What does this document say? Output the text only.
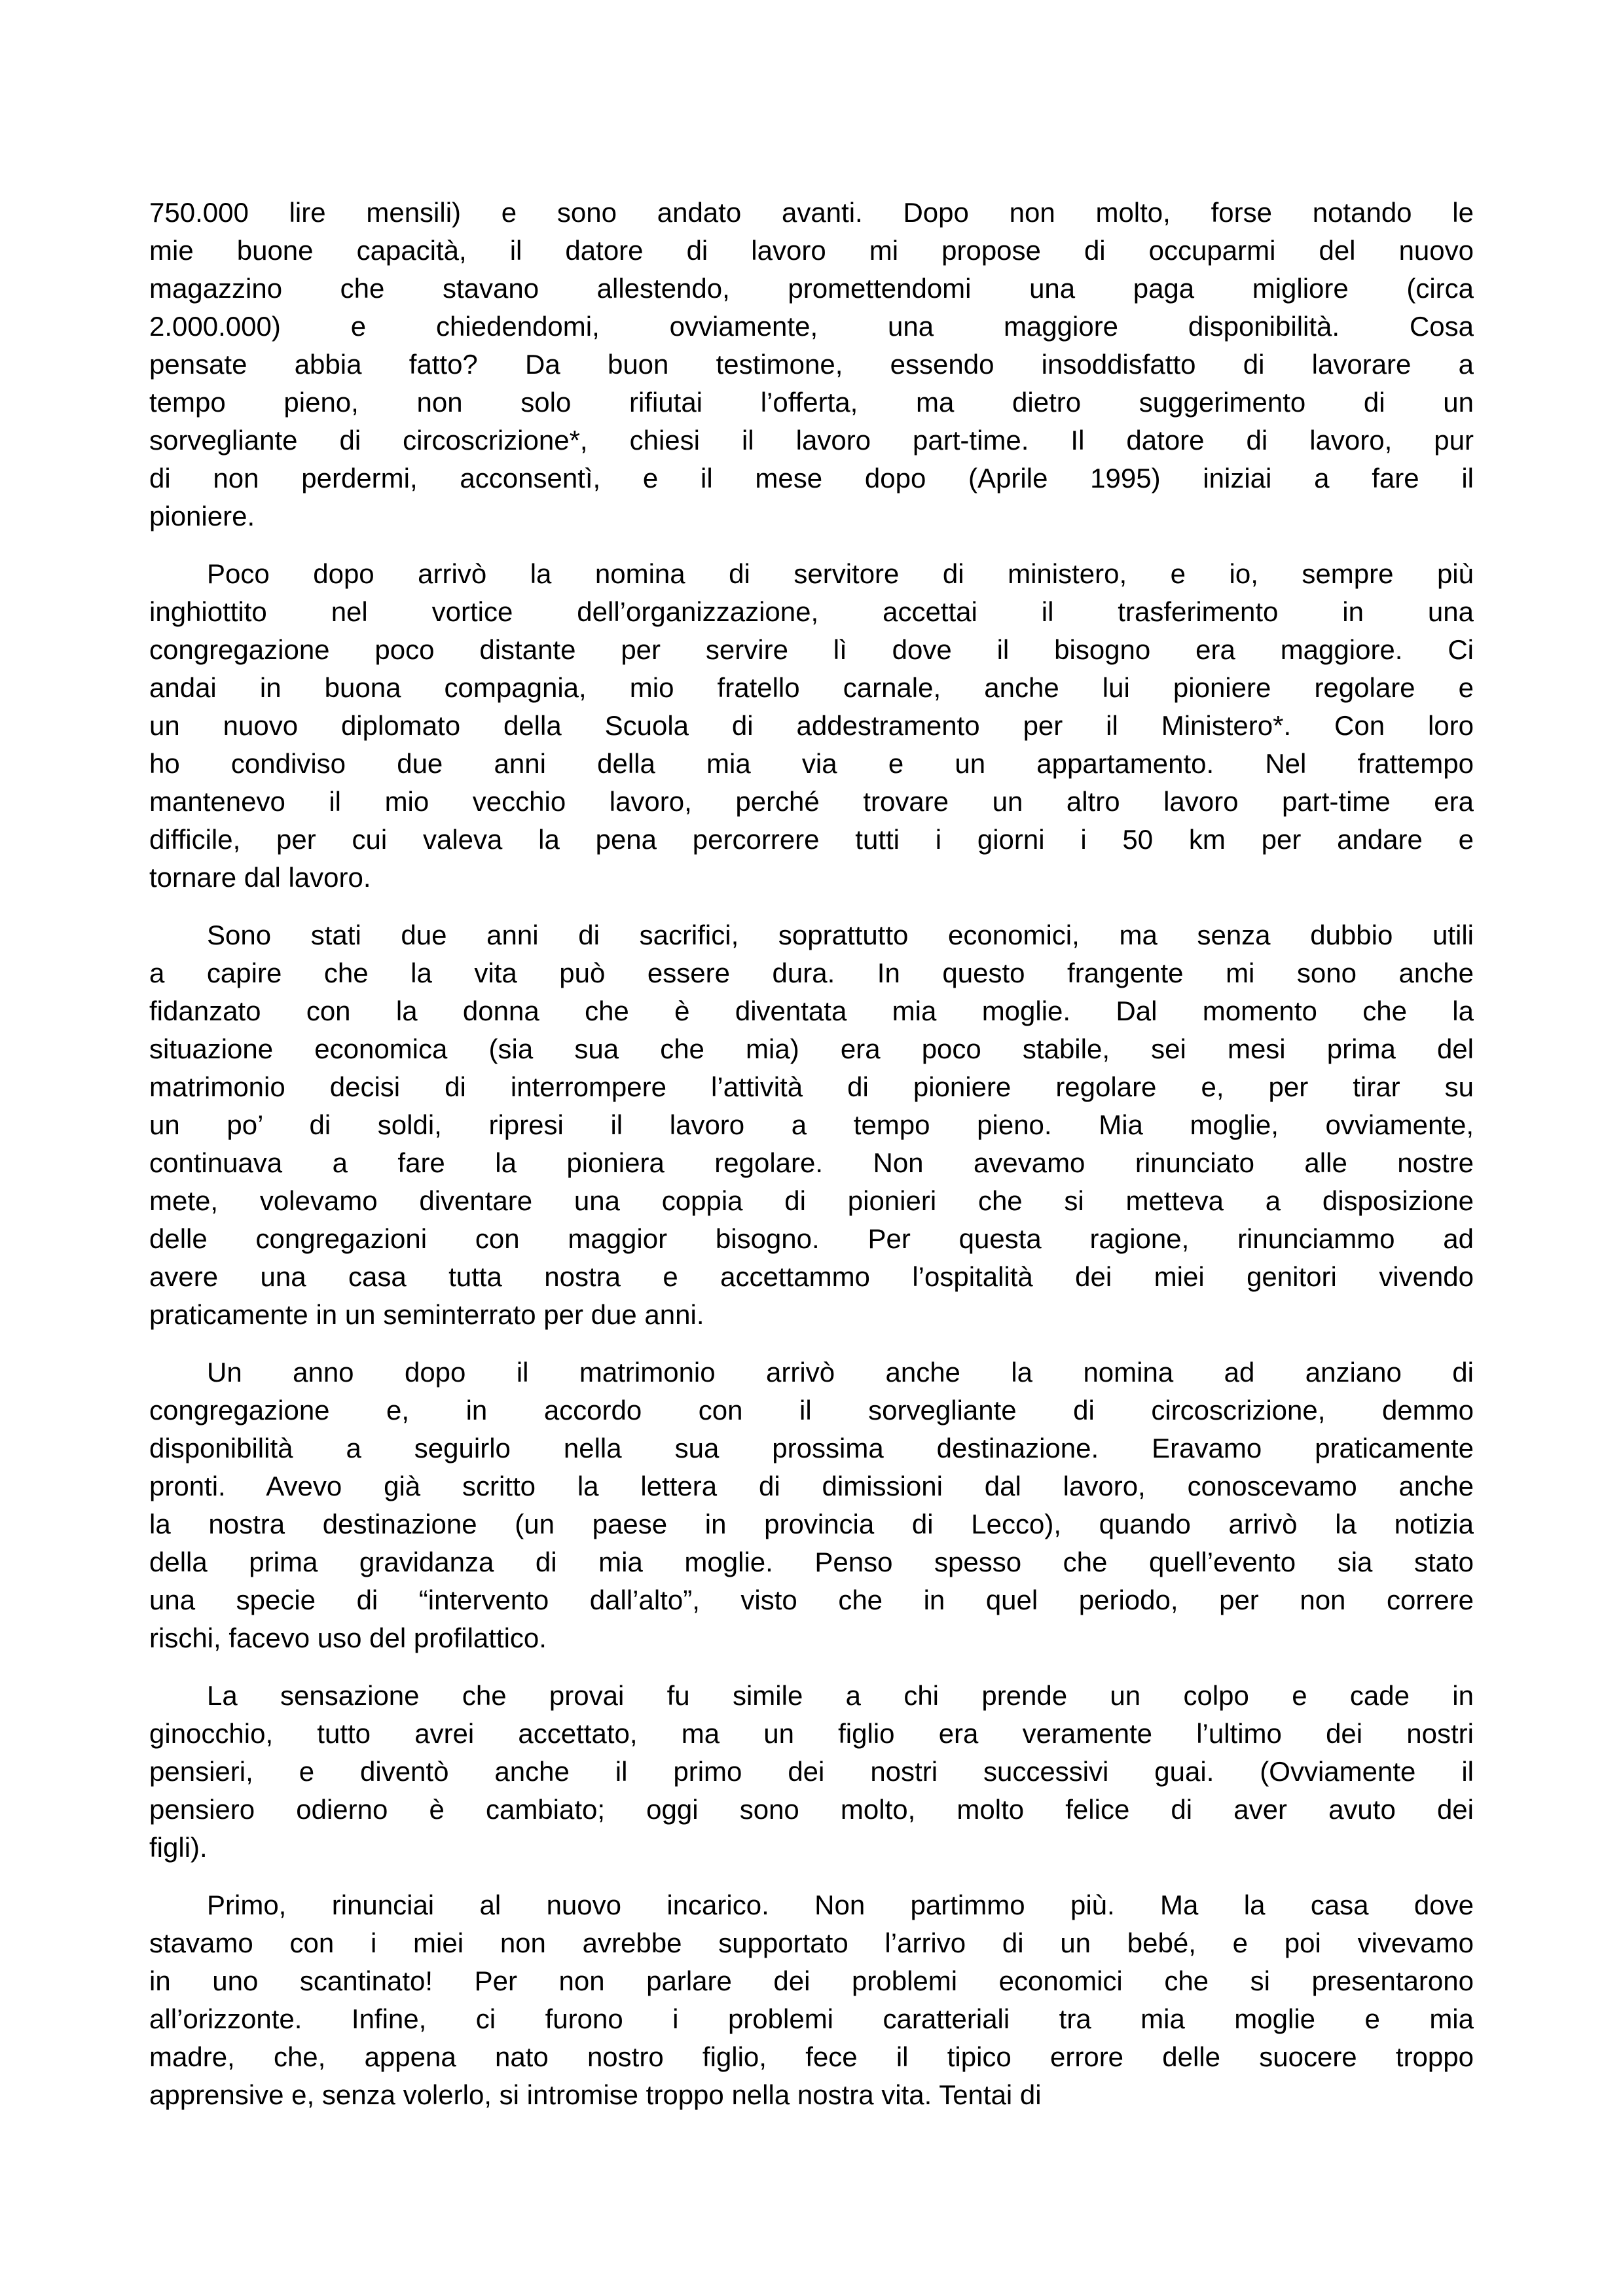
750.000 lire mensili) e sono andato avanti. Dopo non molto, forse notando le
mie buone capacità, il datore di lavoro mi propose di occuparmi del nuovo
magazzino che stavano allestendo, promettendomi una paga migliore (circa
2.000.000) e chiedendomi, ovviamente, una maggiore disponibilità. Cosa
pensate abbia fatto? Da buon testimone, essendo insoddisfatto di lavorare a
tempo pieno, non solo rifiutai l’offerta, ma dietro suggerimento di un
sorvegliante di circoscrizione*, chiesi il lavoro part-time. Il datore di lavoro, pur
di non perdermi, acconsentì, e il mese dopo (Aprile 1995) iniziai a fare il
pioniere.
Poco dopo arrivò la nomina di servitore di ministero, e io, sempre più
inghiottito nel vortice dell’organizzazione, accettai il trasferimento in una
congregazione poco distante per servire lì dove il bisogno era maggiore. Ci
andai in buona compagnia, mio fratello carnale, anche lui pioniere regolare e
un nuovo diplomato della Scuola di addestramento per il Ministero*. Con loro
ho condiviso due anni della mia via e un appartamento. Nel frattempo
mantenevo il mio vecchio lavoro, perché trovare un altro lavoro part-time era
difficile, per cui valeva la pena percorrere tutti i giorni i 50 km per andare e
tornare dal lavoro.
Sono stati due anni di sacrifici, soprattutto economici, ma senza dubbio utili
a capire che la vita può essere dura. In questo frangente mi sono anche
fidanzato con la donna che è diventata mia moglie. Dal momento che la
situazione economica (sia sua che mia) era poco stabile, sei mesi prima del
matrimonio decisi di interrompere l’attività di pioniere regolare e, per tirar su
un po’ di soldi, ripresi il lavoro a tempo pieno. Mia moglie, ovviamente,
continuava a fare la pioniera regolare. Non avevamo rinunciato alle nostre
mete, volevamo diventare una coppia di pionieri che si metteva a disposizione
delle congregazioni con maggior bisogno. Per questa ragione, rinunciammo ad
avere una casa tutta nostra e accettammo l’ospitalità dei miei genitori vivendo
praticamente in un seminterrato per due anni.
Un anno dopo il matrimonio arrivò anche la nomina ad anziano di
congregazione e, in accordo con il sorvegliante di circoscrizione, demmo
disponibilità a seguirlo nella sua prossima destinazione. Eravamo praticamente
pronti. Avevo già scritto la lettera di dimissioni dal lavoro, conoscevamo anche
la nostra destinazione (un paese in provincia di Lecco), quando arrivò la notizia
della prima gravidanza di mia moglie. Penso spesso che quell’evento sia stato
una specie di “intervento dall’alto”, visto che in quel periodo, per non correre
rischi, facevo uso del profilattico.
La sensazione che provai fu simile a chi prende un colpo e cade in
ginocchio, tutto avrei accettato, ma un figlio era veramente l’ultimo dei nostri
pensieri, e diventò anche il primo dei nostri successivi guai. (Ovviamente il
pensiero odierno è cambiato; oggi sono molto, molto felice di aver avuto dei
figli).
Primo, rinunciai al nuovo incarico. Non partimmo più. Ma la casa dove
stavamo con i miei non avrebbe supportato l’arrivo di un bebé, e poi vivevamo
in uno scantinato! Per non parlare dei problemi economici che si presentarono
all’orizzonte. Infine, ci furono i problemi caratteriali tra mia moglie e mia
madre, che, appena nato nostro figlio, fece il tipico errore delle suocere troppo
apprensive e, senza volerlo, si intromise troppo nella nostra vita. Tentai di
